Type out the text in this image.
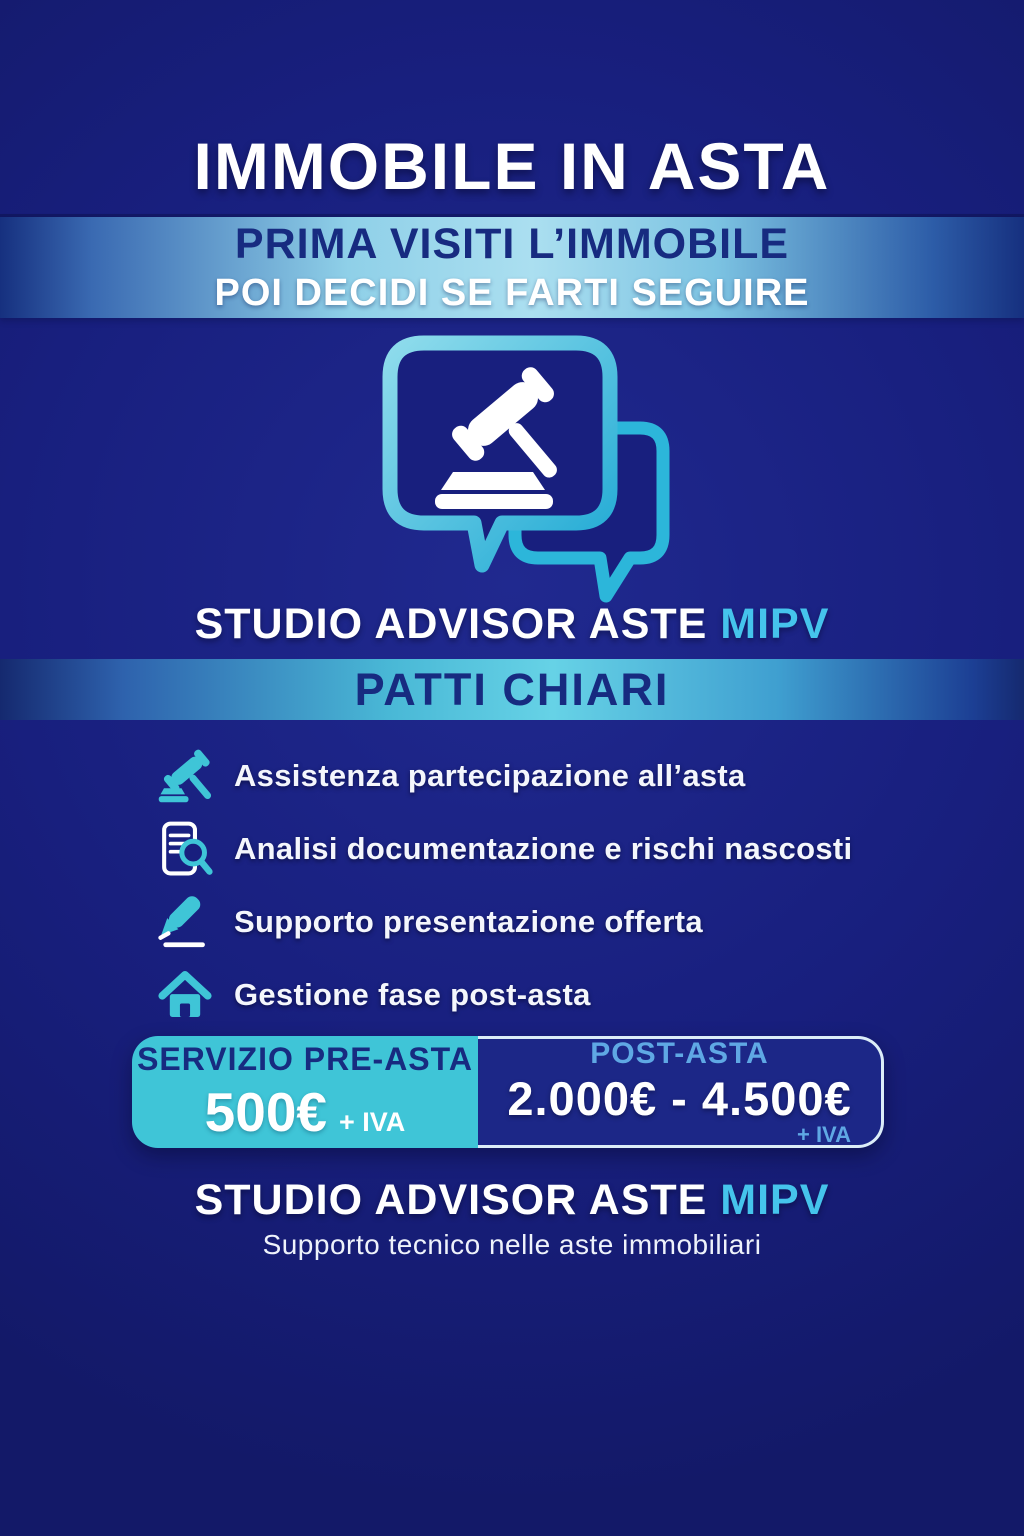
IMMOBILE IN ASTA
PRIMA VISITI L’IMMOBILE
POI DECIDI SE FARTI SEGUIRE
STUDIO ADVISOR ASTE MIPV
PATTI CHIARI
Assistenza partecipazione all’asta
Analisi documentazione e rischi nascosti
Supporto presentazione offerta
Gestione fase post-asta
SERVIZIO PRE-ASTA
500€ + IVA
POST-ASTA
2.000€ - 4.500€
+ IVA
STUDIO ADVISOR ASTE MIPV
Supporto tecnico nelle aste immobiliari
